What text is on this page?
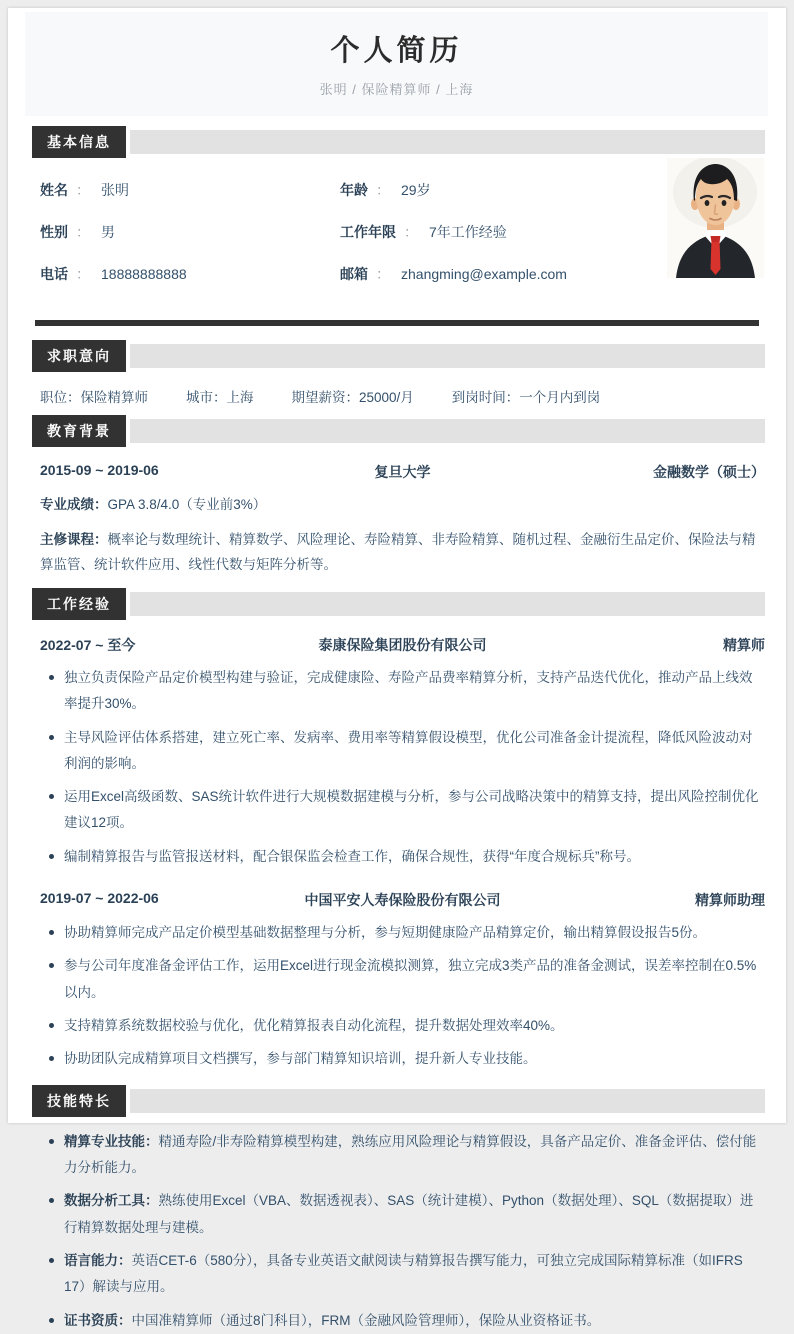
个人简历
张明 / 保险精算师 / 上海
基本信息
姓名 ： 张明
性别 ： 男
电话 ： 18888888888
年龄 ： 29岁
工作年限 ： 7年工作经验
邮箱 ： zhangming@example.com
求职意向
职位：保险精算师	城市：上海	期望薪资：25000/月	到岗时间：一个月内到岗
教育背景
2015-09 ~ 2019-06	复旦大学	金融数学（硕士）
专业成绩：GPA 3.8/4.0（专业前3%）
主修课程：概率论与数理统计、精算数学、风险理论、寿险精算、非寿险精算、随机过程、金融衍生品定价、保险法与精算监管、统计软件应用、线性代数与矩阵分析等。
工作经验
2022-07 ~ 至今	泰康保险集团股份有限公司	精算师
独立负责保险产品定价模型构建与验证，完成健康险、寿险产品费率精算分析，支持产品迭代优化，推动产品上线效率提升30%。
主导风险评估体系搭建，建立死亡率、发病率、费用率等精算假设模型，优化公司准备金计提流程，降低风险波动对利润的影响。
运用Excel高级函数、SAS统计软件进行大规模数据建模与分析，参与公司战略决策中的精算支持，提出风险控制优化建议12项。
编制精算报告与监管报送材料，配合银保监会检查工作，确保合规性，获得“年度合规标兵”称号。
2019-07 ~ 2022-06	中国平安人寿保险股份有限公司	精算师助理
协助精算师完成产品定价模型基础数据整理与分析，参与短期健康险产品精算定价，输出精算假设报告5份。
参与公司年度准备金评估工作，运用Excel进行现金流模拟测算，独立完成3类产品的准备金测试，误差率控制在0.5%以内。
支持精算系统数据校验与优化，优化精算报表自动化流程，提升数据处理效率40%。
协助团队完成精算项目文档撰写，参与部门精算知识培训，提升新人专业技能。
技能特长
精算专业技能：精通寿险/非寿险精算模型构建，熟练应用风险理论与精算假设，具备产品定价、准备金评估、偿付能力分析能力。
数据分析工具：熟练使用Excel（VBA、数据透视表）、SAS（统计建模）、Python（数据处理）、SQL（数据提取）进行精算数据处理与建模。
语言能力：英语CET-6（580分），具备专业英语文献阅读与精算报告撰写能力，可独立完成国际精算标准（如IFRS 17）解读与应用。
证书资质：中国准精算师（通过8门科目），FRM（金融风险管理师），保险从业资格证书。
